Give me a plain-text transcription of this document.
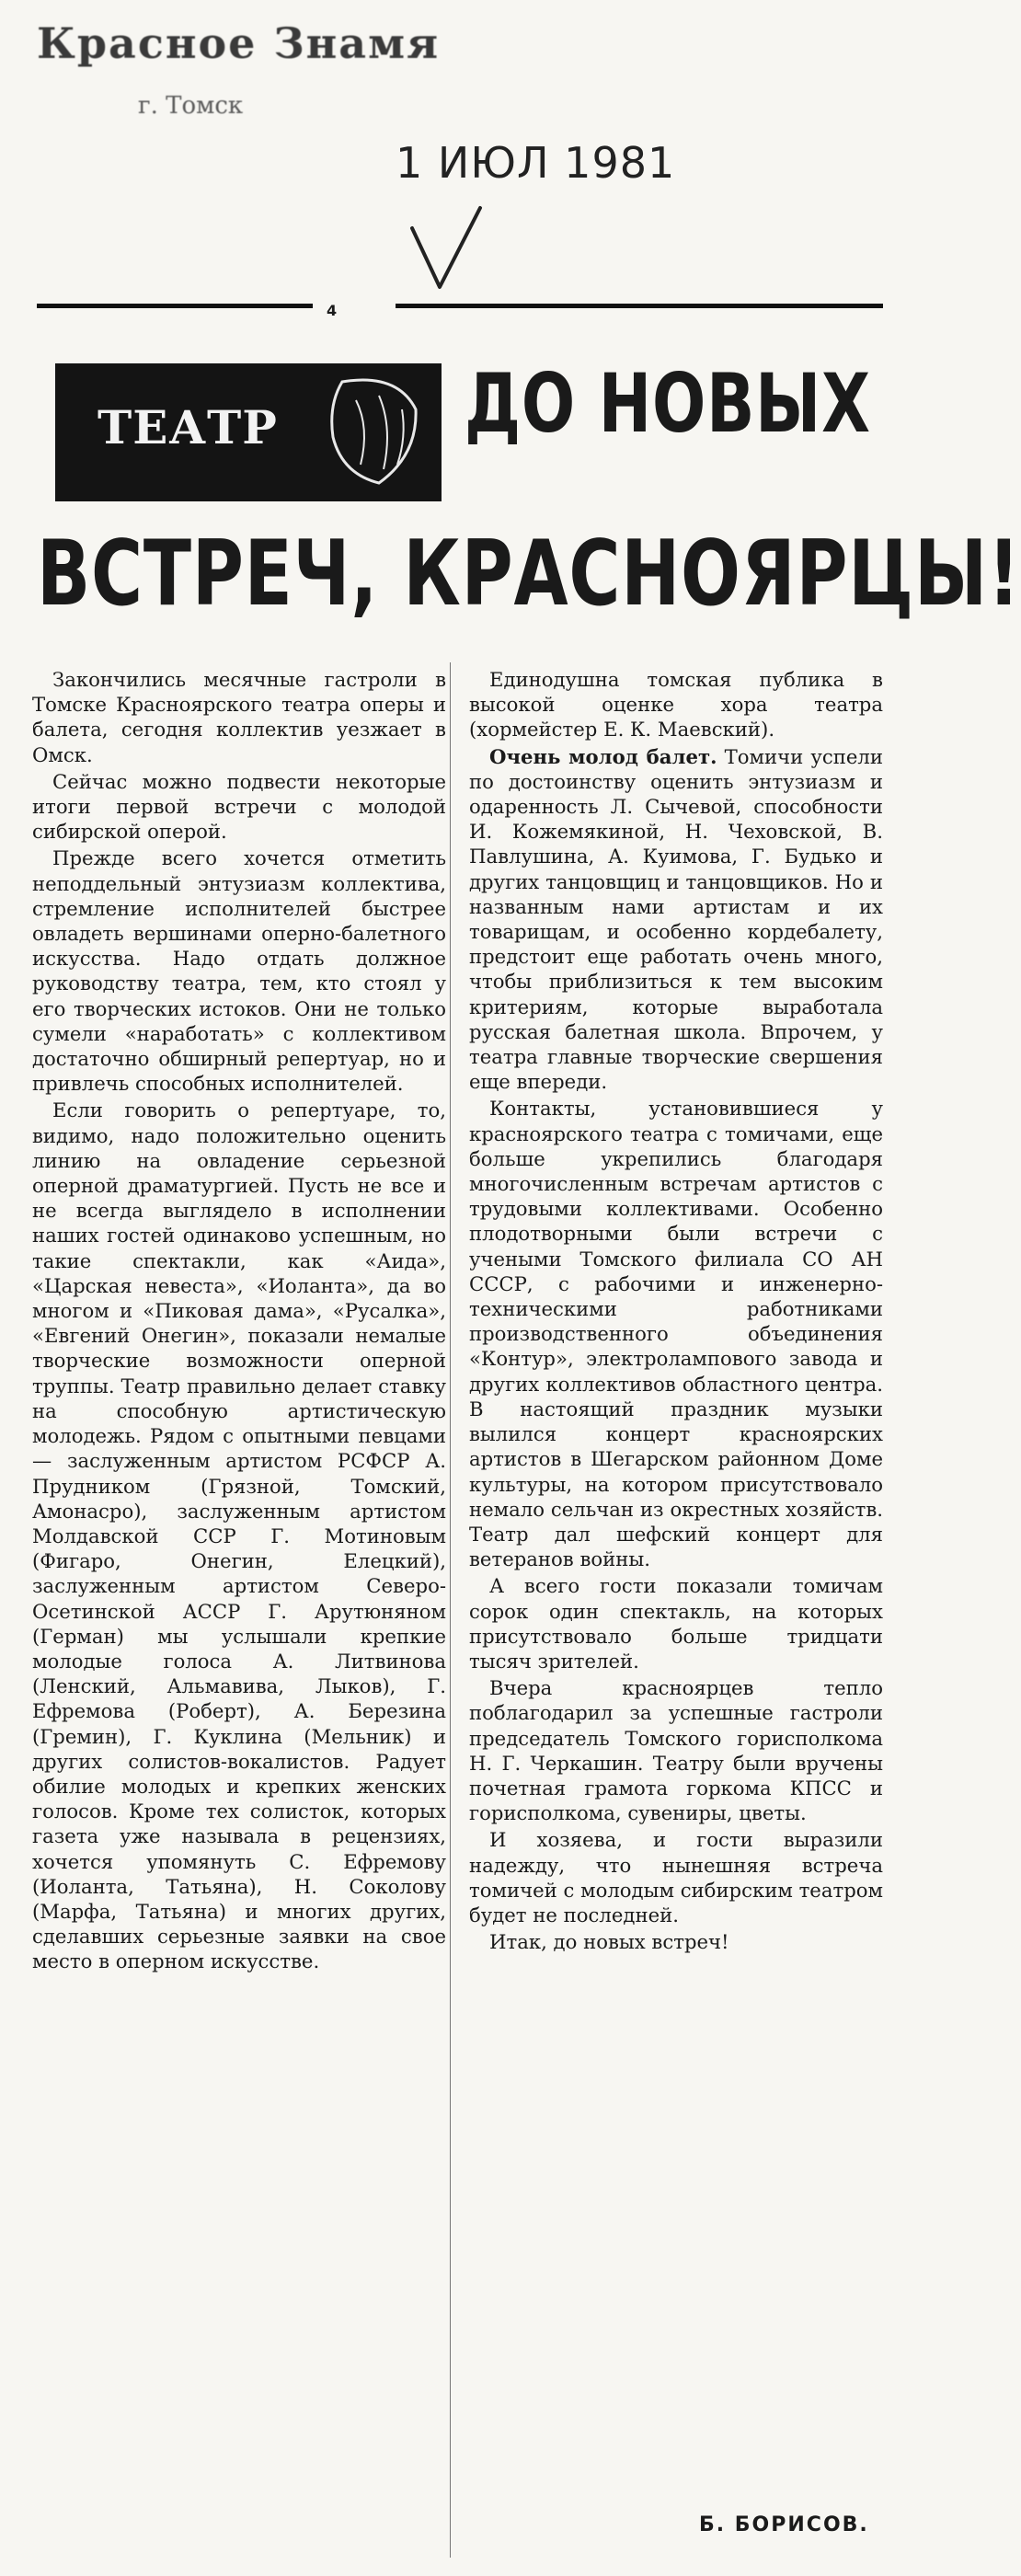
Красное Знамя
г. Томск
1 ИЮЛ 1981
4
ТЕАТР ДО НОВЫХ
ВСТРЕЧ, КРАСНОЯРЦЫ!

Закончились месячные гастроли в Томске Красноярского театра оперы и балета, сегодня коллектив уезжает в Омск.

Сейчас можно подвести некоторые итоги первой встречи с молодой сибирской оперой.

Прежде всего хочется отметить неподдельный энтузиазм коллектива, стремление исполнителей быстрее овладеть вершинами оперно-балетного искусства. Надо отдать должное руководству театра, тем, кто стоял у его творческих истоков. Они не только сумели «наработать» с коллективом достаточно обширный репертуар, но и привлечь способных исполнителей.

Если говорить о репертуаре, то, видимо, надо положительно оценить линию на овладение серьезной оперной драматургией. Пусть не все и не всегда выглядело в исполнении наших гостей одинаково успешным, но такие спектакли, как «Аида», «Царская невеста», «Иоланта», да во многом и «Пиковая дама», «Русалка», «Евгений Онегин», показали немалые творческие возможности оперной труппы. Театр правильно делает ставку на способную артистическую молодежь. Рядом с опытными певцами — заслуженным артистом РСФСР А. Прудником (Грязной, Томский, Амонасро), заслуженным артистом Молдавской ССР Г. Мотиновым (Фигаро, Онегин, Елецкий), заслуженным артистом Северо-Осетинской АССР Г. Арутюняном (Герман) мы услышали крепкие молодые голоса А. Литвинова (Ленский, Альмавива, Лыков), Г. Ефремова (Роберт), А. Березина (Гремин), Г. Куклина (Мельник) и других солистов-вокалистов. Радует обилие молодых и крепких женских голосов. Кроме тех солисток, которых газета уже называла в рецензиях, хочется упомянуть С. Ефремову (Иоланта, Татьяна), Н. Соколову (Марфа, Татьяна) и многих других, сделавших серьезные заявки на свое место в оперном искусстве.

Единодушна томская публика в высокой оценке хора театра (хормейстер Е. К. Маевский).

Очень молод балет. Томичи успели по достоинству оценить энтузиазм и одаренность Л. Сычевой, способности И. Кожемякиной, Н. Чеховской, В. Павлушина, А. Куимова, Г. Будько и других танцовщиц и танцовщиков. Но и названным нами артистам и их товарищам, и особенно кордебалету, предстоит еще работать очень много, чтобы приблизиться к тем высоким критериям, которые выработала русская балетная школа. Впрочем, у театра главные творческие свершения еще впереди.

Контакты, установившиеся у красноярского театра с томичами, еще больше укрепились благодаря многочисленным встречам артистов с трудовыми коллективами. Особенно плодотворными были встречи с учеными Томского филиала СО АН СССР, с рабочими и инженерно-техническими работниками производственного объединения «Контур», электролампового завода и других коллективов областного центра. В настоящий праздник музыки вылился концерт красноярских артистов в Шегарском районном Доме культуры, на котором присутствовало немало сельчан из окрестных хозяйств. Театр дал шефский концерт для ветеранов войны.

А всего гости показали томичам сорок один спектакль, на которых присутствовало больше тридцати тысяч зрителей.

Вчера красноярцев тепло поблагодарил за успешные гастроли председатель Томского горисполкома Н. Г. Черкашин. Театру были вручены почетная грамота горкома КПСС и горисполкома, сувениры, цветы.

И хозяева, и гости выразили надежду, что нынешняя встреча томичей с молодым сибирским театром будет не последней.

Итак, до новых встреч!

Б. БОРИСОВ.
